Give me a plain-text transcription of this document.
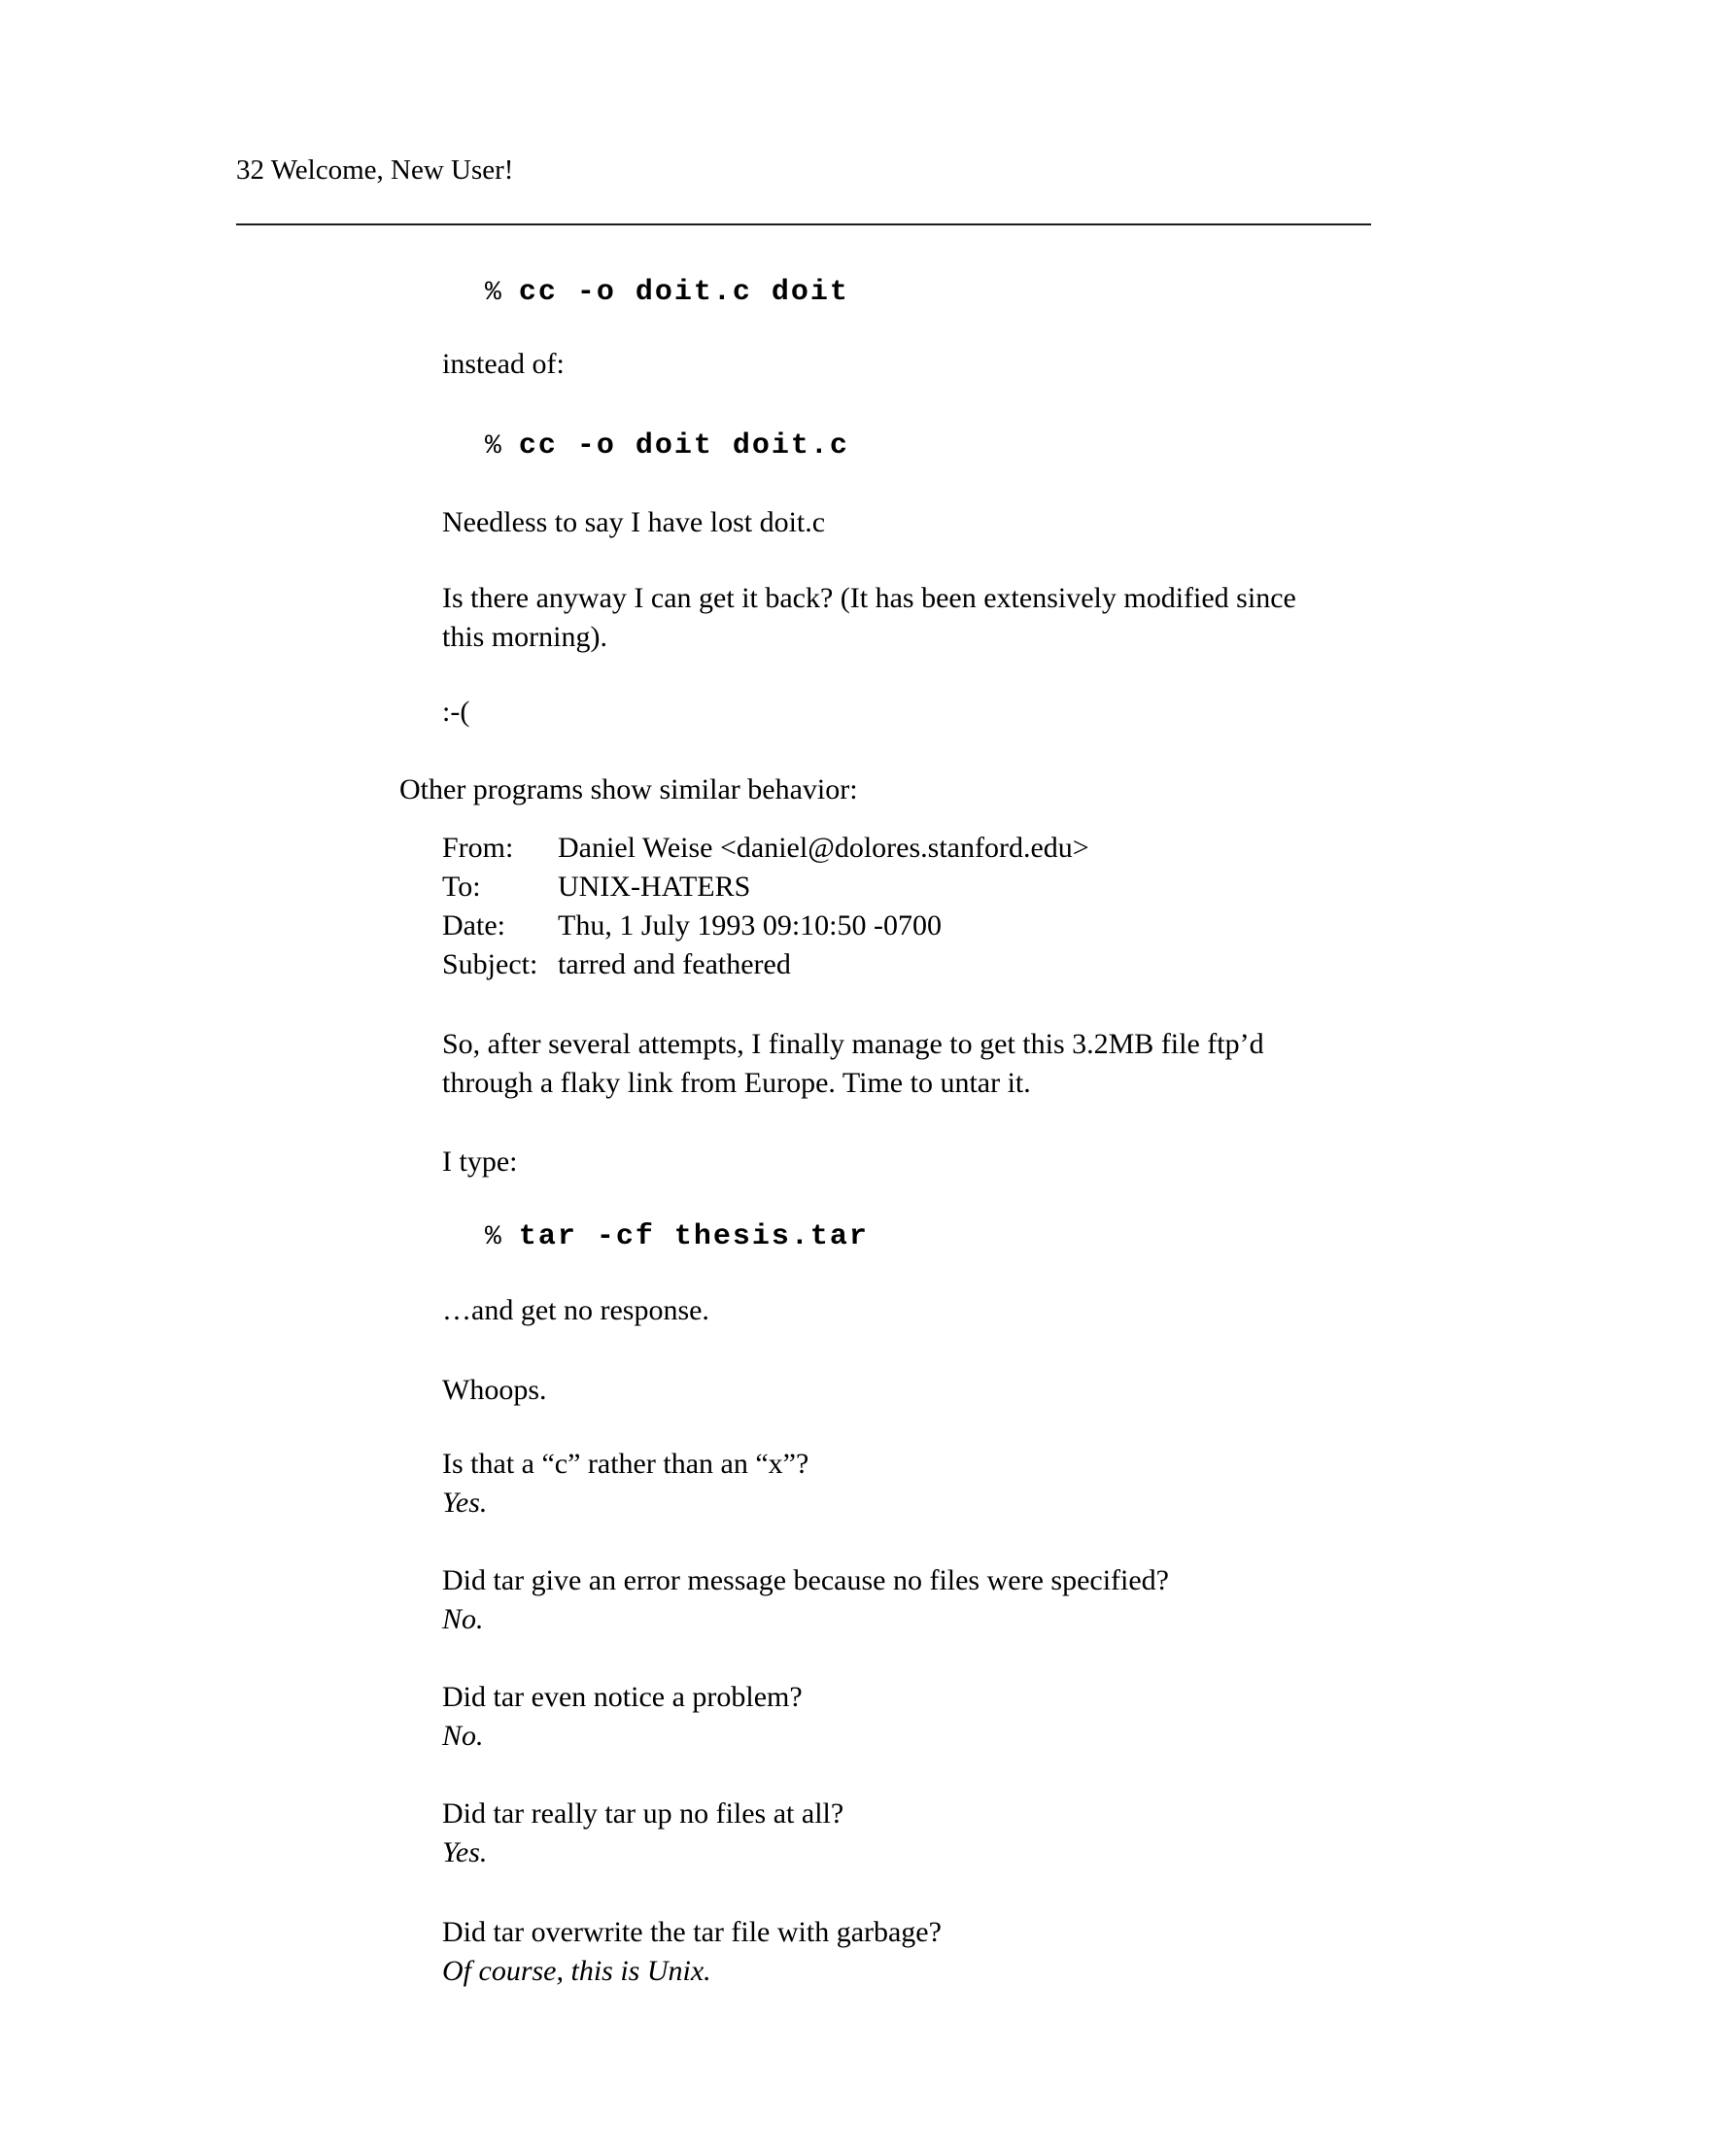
32 Welcome, New User!
% cc -o doit.c doit
instead of:
% cc -o doit doit.c
Needless to say I have lost doit.c
Is there anyway I can get it back? (It has been extensively modified since this morning).
:-(
Other programs show similar behavior:
From:	Daniel Weise <daniel@dolores.stanford.edu>
To:	UNIX-HATERS
Date:	Thu, 1 July 1993 09:10:50 -0700
Subject: tarred and feathered
So, after several attempts, I finally manage to get this 3.2MB file ftp’d through a flaky link from Europe. Time to untar it.
I type:
% tar -cf thesis.tar
…and get no response.
Whoops.
Is that a “c” rather than an “x”?
Yes.
Did tar give an error message because no files were specified?
No.
Did tar even notice a problem?
No.
Did tar really tar up no files at all?
Yes.
Did tar overwrite the tar file with garbage?
Of course, this is Unix.
